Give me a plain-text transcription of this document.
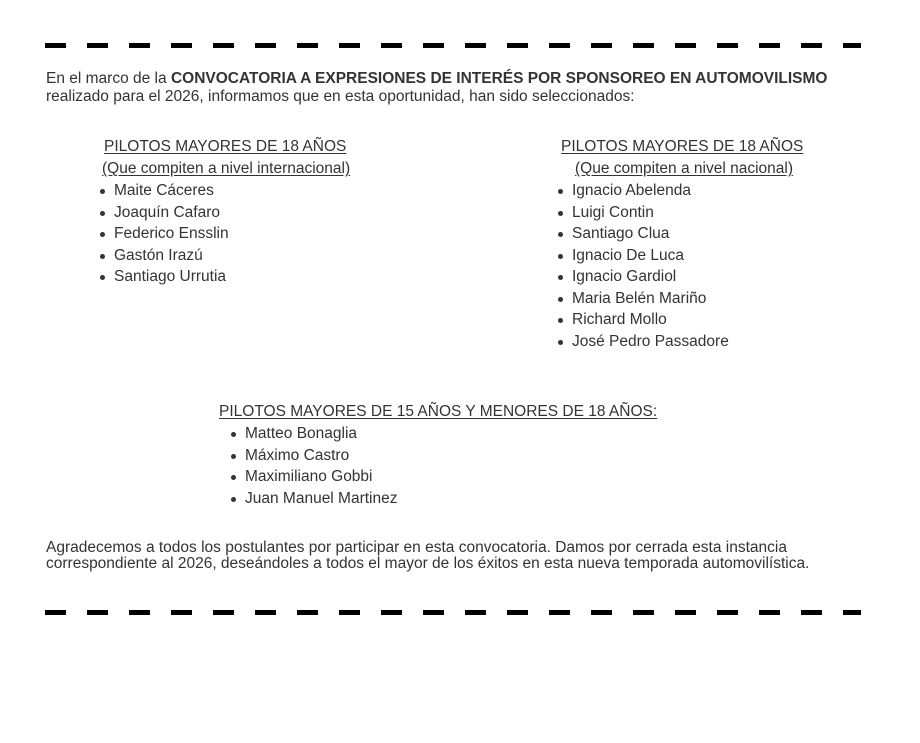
En el marco de la CONVOCATORIA A EXPRESIONES DE INTERÉS POR SPONSOREO EN AUTOMOVILISMO
realizado para el 2026, informamos que en esta oportunidad, han sido seleccionados:
PILOTOS MAYORES DE 18 AÑOS
(Que compiten a nivel internacional)
Maite Cáceres
Joaquín Cafaro
Federico Ensslin
Gastón Irazú
Santiago Urrutia
PILOTOS MAYORES DE 18 AÑOS
(Que compiten a nivel nacional)
Ignacio Abelenda
Luigi Contin
Santiago Clua
Ignacio De Luca
Ignacio Gardiol
Maria Belén Mariño
Richard Mollo
José Pedro Passadore
PILOTOS MAYORES DE 15 AÑOS Y MENORES DE 18 AÑOS:
Matteo Bonaglia
Máximo Castro
Maximiliano Gobbi
Juan Manuel Martinez
Agradecemos a todos los postulantes por participar en esta convocatoria. Damos por cerrada esta instancia
correspondiente al 2026, deseándoles a todos el mayor de los éxitos en esta nueva temporada automovilística.
